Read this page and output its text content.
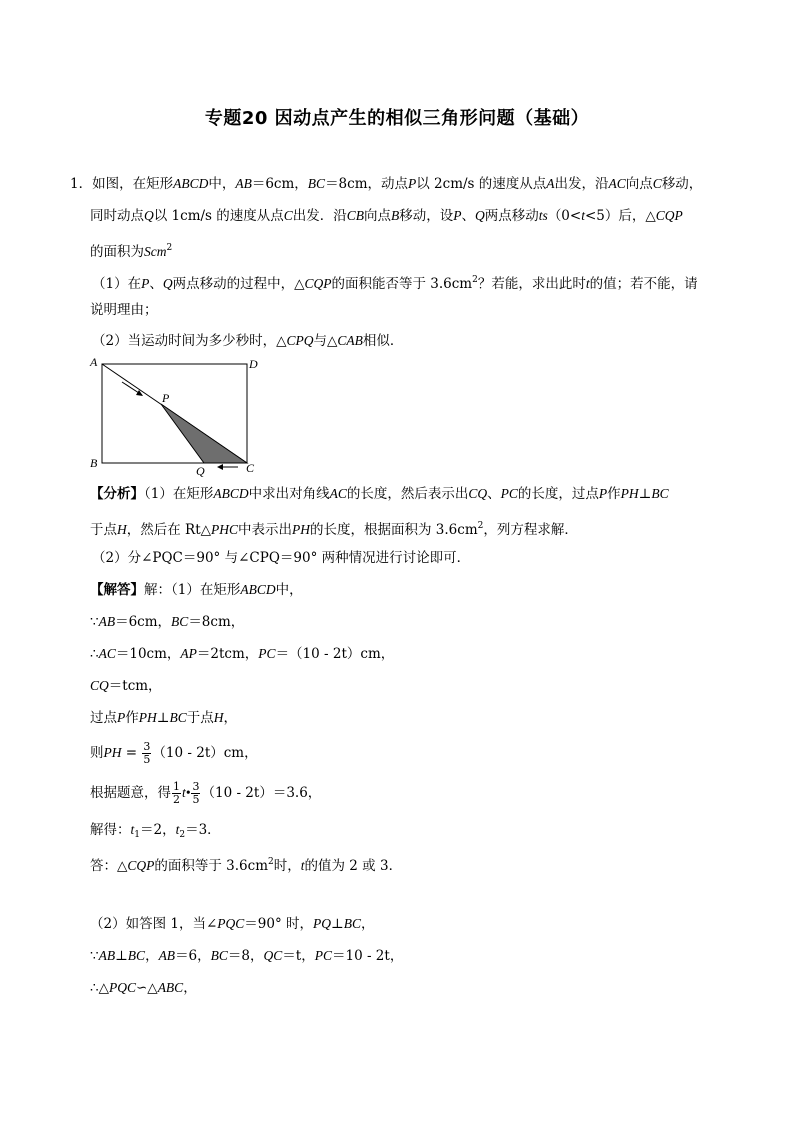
专题20 因动点产生的相似三角形问题（基础）
1．如图，在矩形ABCD中，AB＝6cm，BC＝8cm，动点P以 2cm/s 的速度从点A出发，沿AC向点C移动，
同时动点Q以 1cm/s 的速度从点C出发．沿CB向点B移动，设P、Q两点移动ts（0<t<5）后，△CQP
的面积为Scm$^2$
（1）在P、Q两点移动的过程中，△CQP的面积能否等于 $3.6cm^2$？若能，求出此时t的值；若不能，请
说明理由；
（2）当运动时间为多少秒时，△CPQ与△CAB相似．
A	D
B	C
P
Q
【分析】（1）在矩形ABCD中求出对角线AC的长度，然后表示出CQ、PC的长度，过点P作PH⊥BC
于点H，然后在 Rt△PHC中表示出PH的长度，根据面积为 $3.6cm^2$，列方程求解．
（2）分∠PQC＝90° 与∠CPQ＝90° 两种情况进行讨论即可．
【解答】解：（1）在矩形ABCD中，
∵AB＝6cm，BC＝8cm，
∴AC＝10cm，AP＝2tcm，PC＝（10 - 2t）cm，
CQ＝tcm，
过点P作PH⊥BC于点H，
则PH = $\frac{3}{5} (10 - 2t)cm$，
根据题意，得 $\frac{1}{2}$ t• $\frac{3}{5} (10 - 2t)=3.6$，
解得：$t_1=2$，$t_2=3$．
答：△CQP的面积等于 $3.6cm^2$时，t的值为 2 或 3．
（2）如答图 1，当∠PQC＝90° 时，PQ⊥BC，
∵AB⊥BC，AB＝6，BC＝8，QC＝t，PC＝10 - 2t，
∴△PQC∽△ABC，
